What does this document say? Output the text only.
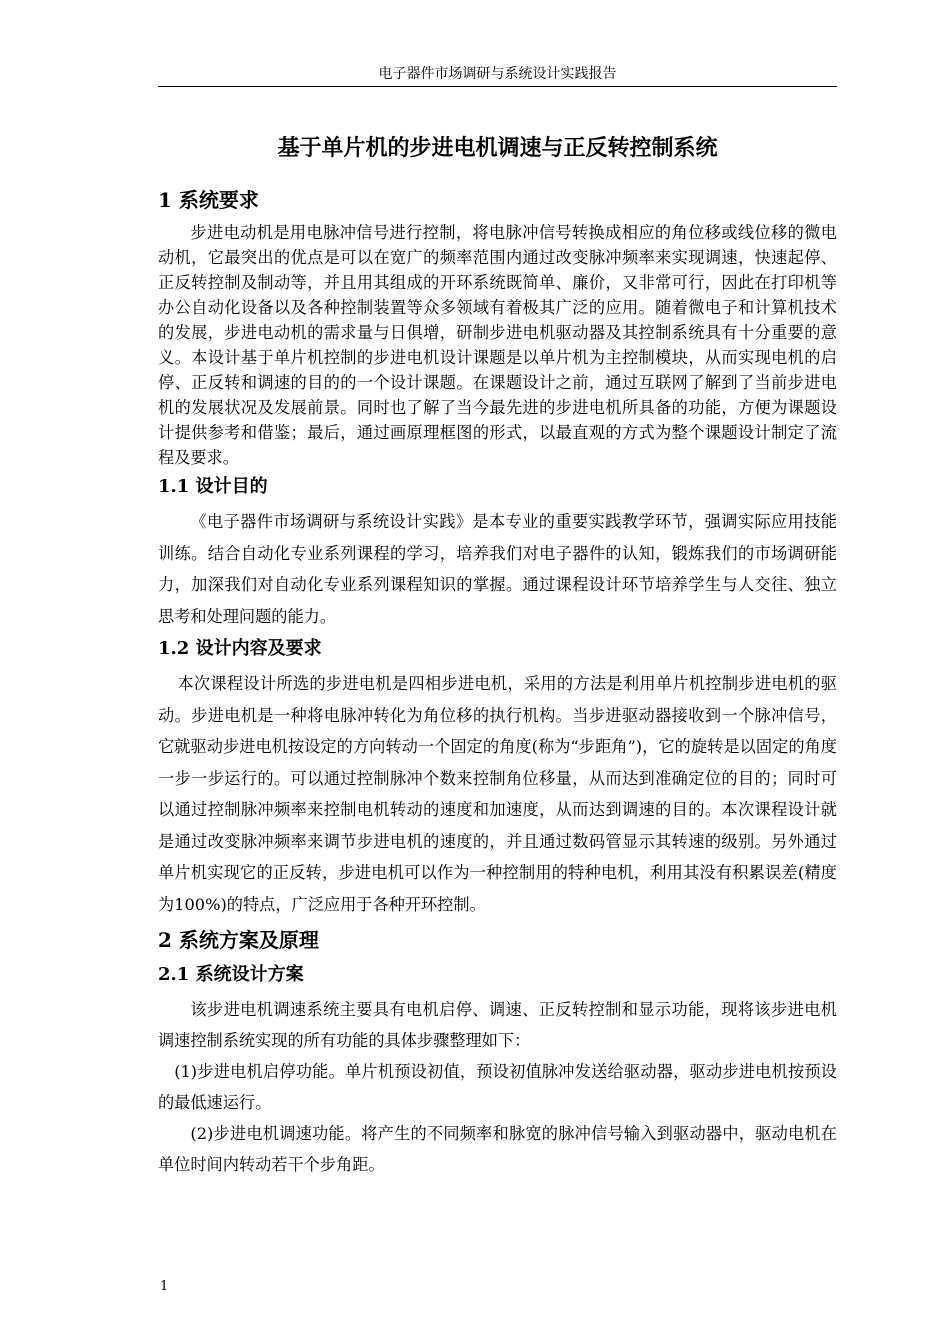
电子器件市场调研与系统设计实践报告
基于单片机的步进电机调速与正反转控制系统
1 系统要求

步进电动机是用电脉冲信号进行控制，将电脉冲信号转换成相应的角位移或线位移的微电动机，它最突出的优点是可以在宽广的频率范围内通过改变脉冲频率来实现调速，快速起停、正反转控制及制动等，并且用其组成的开环系统既简单、廉价，又非常可行，因此在打印机等办公自动化设备以及各种控制装置等众多领域有着极其广泛的应用。随着微电子和计算机技术的发展，步进电动机的需求量与日俱增，研制步进电机驱动器及其控制系统具有十分重要的意义。本设计基于单片机控制的步进电机设计课题是以单片机为主控制模块，从而实现电机的启停、正反转和调速的目的的一个设计课题。在课题设计之前，通过互联网了解到了当前步进电机的发展状况及发展前景。同时也了解了当今最先进的步进电机所具备的功能，方便为课题设计提供参考和借鉴；最后，通过画原理框图的形式，以最直观的方式为整个课题设计制定了流程及要求。

1.1 设计目的

《电子器件市场调研与系统设计实践》是本专业的重要实践教学环节，强调实际应用技能训练。结合自动化专业系列课程的学习，培养我们对电子器件的认知，锻炼我们的市场调研能力，加深我们对自动化专业系列课程知识的掌握。通过课程设计环节培养学生与人交往、独立思考和处理问题的能力。

1.2 设计内容及要求

本次课程设计所选的步进电机是四相步进电机，采用的方法是利用单片机控制步进电机的驱动。步进电机是一种将电脉冲转化为角位移的执行机构。当步进驱动器接收到一个脉冲信号，它就驱动步进电机按设定的方向转动一个固定的角度(称为“步距角”)，它的旋转是以固定的角度一步一步运行的。可以通过控制脉冲个数来控制角位移量，从而达到准确定位的目的；同时可以通过控制脉冲频率来控制电机转动的速度和加速度，从而达到调速的目的。本次课程设计就是通过改变脉冲频率来调节步进电机的速度的，并且通过数码管显示其转速的级别。另外通过单片机实现它的正反转，步进电机可以作为一种控制用的特种电机，利用其没有积累误差(精度为100%)的特点，广泛应用于各种开环控制。

2 系统方案及原理
2.1 系统设计方案

该步进电机调速系统主要具有电机启停、调速、正反转控制和显示功能，现将该步进电机调速控制系统实现的所有功能的具体步骤整理如下：

(1)步进电机启停功能。单片机预设初值，预设初值脉冲发送给驱动器，驱动步进电机按预设的最低速运行。

(2)步进电机调速功能。将产生的不同频率和脉宽的脉冲信号输入到驱动器中，驱动电机在单位时间内转动若干个步角距。

1
